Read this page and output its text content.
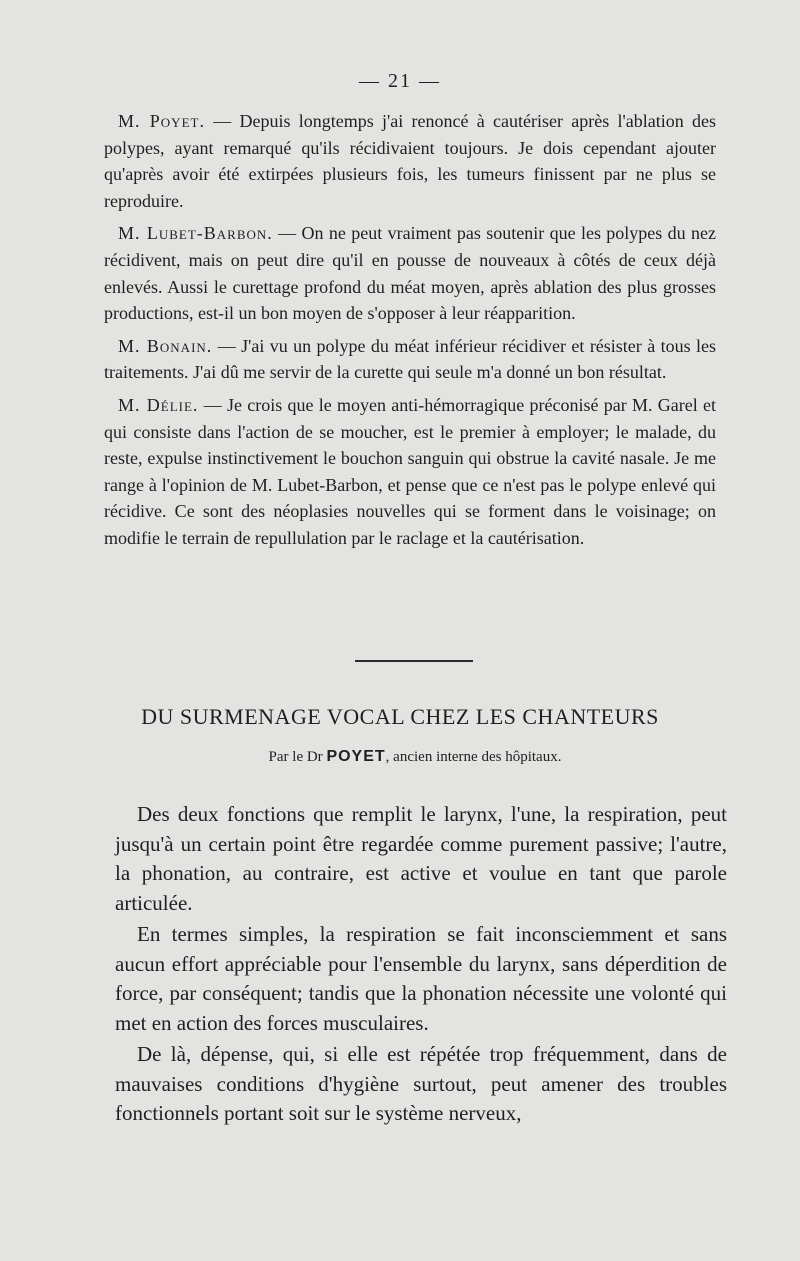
— 21 —

M. Poyet. — Depuis longtemps j'ai renoncé à cautériser après l'ablation des polypes, ayant remarqué qu'ils récidivaient toujours. Je dois cependant ajouter qu'après avoir été extirpées plusieurs fois, les tumeurs finissent par ne plus se reproduire.

M. Lubet-Barbon. — On ne peut vraiment pas soutenir que les polypes du nez récidivent, mais on peut dire qu'il en pousse de nouveaux à côtés de ceux déjà enlevés. Aussi le curettage profond du méat moyen, après ablation des plus grosses productions, est-il un bon moyen de s'opposer à leur réapparition.

M. Bonain. — J'ai vu un polype du méat inférieur récidiver et résister à tous les traitements. J'ai dû me servir de la curette qui seule m'a donné un bon résultat.

M. Délie. — Je crois que le moyen anti-hémorragique préconisé par M. Garel et qui consiste dans l'action de se moucher, est le premier à employer; le malade, du reste, expulse instinctivement le bouchon sanguin qui obstrue la cavité nasale. Je me range à l'opinion de M. Lubet-Barbon, et pense que ce n'est pas le polype enlevé qui récidive. Ce sont des néoplasies nouvelles qui se forment dans le voisinage; on modifie le terrain de repullulation par le raclage et la cautérisation.

DU SURMENAGE VOCAL CHEZ LES CHANTEURS
Par le Dr POYET, ancien interne des hôpitaux.

Des deux fonctions que remplit le larynx, l'une, la respiration, peut jusqu'à un certain point être regardée comme purement passive; l'autre, la phonation, au contraire, est active et voulue en tant que parole articulée.

En termes simples, la respiration se fait inconsciemment et sans aucun effort appréciable pour l'ensemble du larynx, sans déperdition de force, par conséquent; tandis que la phonation nécessite une volonté qui met en action des forces musculaires.

De là, dépense, qui, si elle est répétée trop fréquemment, dans de mauvaises conditions d'hygiène surtout, peut amener des troubles fonctionnels portant soit sur le système nerveux,
